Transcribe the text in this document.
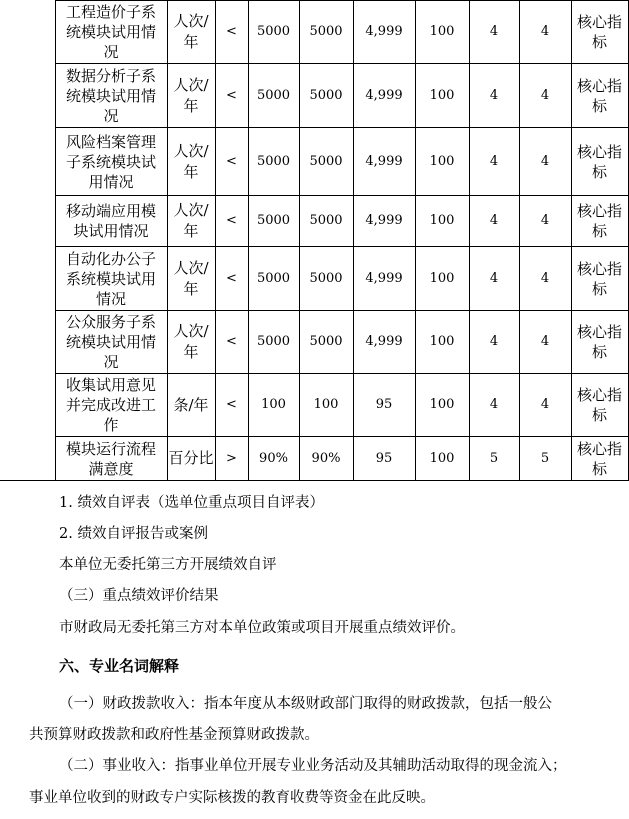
	工程造价子系统模块试用情况	人次/年	<	5000	5000	4,999	100	4	4	核心指标
	数据分析子系统模块试用情况	人次/年	<	5000	5000	4,999	100	4	4	核心指标
	风险档案管理子系统模块试用情况	人次/年	<	5000	5000	4,999	100	4	4	核心指标
	移动端应用模块试用情况	人次/年	<	5000	5000	4,999	100	4	4	核心指标
	自动化办公子系统模块试用情况	人次/年	<	5000	5000	4,999	100	4	4	核心指标
	公众服务子系统模块试用情况	人次/年	<	5000	5000	4,999	100	4	4	核心指标
	收集试用意见并完成改进工作	条/年	<	100	100	95	100	4	4	核心指标
	模块运行流程满意度	百分比	>	90%	90%	95	100	5	5	核心指标
1. 绩效自评表（选单位重点项目自评表）
2. 绩效自评报告或案例
本单位无委托第三方开展绩效自评
（三）重点绩效评价结果
市财政局无委托第三方对本单位政策或项目开展重点绩效评价。
六、专业名词解释
（一）财政拨款收入：指本年度从本级财政部门取得的财政拨款，包括一般公
共预算财政拨款和政府性基金预算财政拨款。
（二）事业收入：指事业单位开展专业业务活动及其辅助活动取得的现金流入；
事业单位收到的财政专户实际核拨的教育收费等资金在此反映。
